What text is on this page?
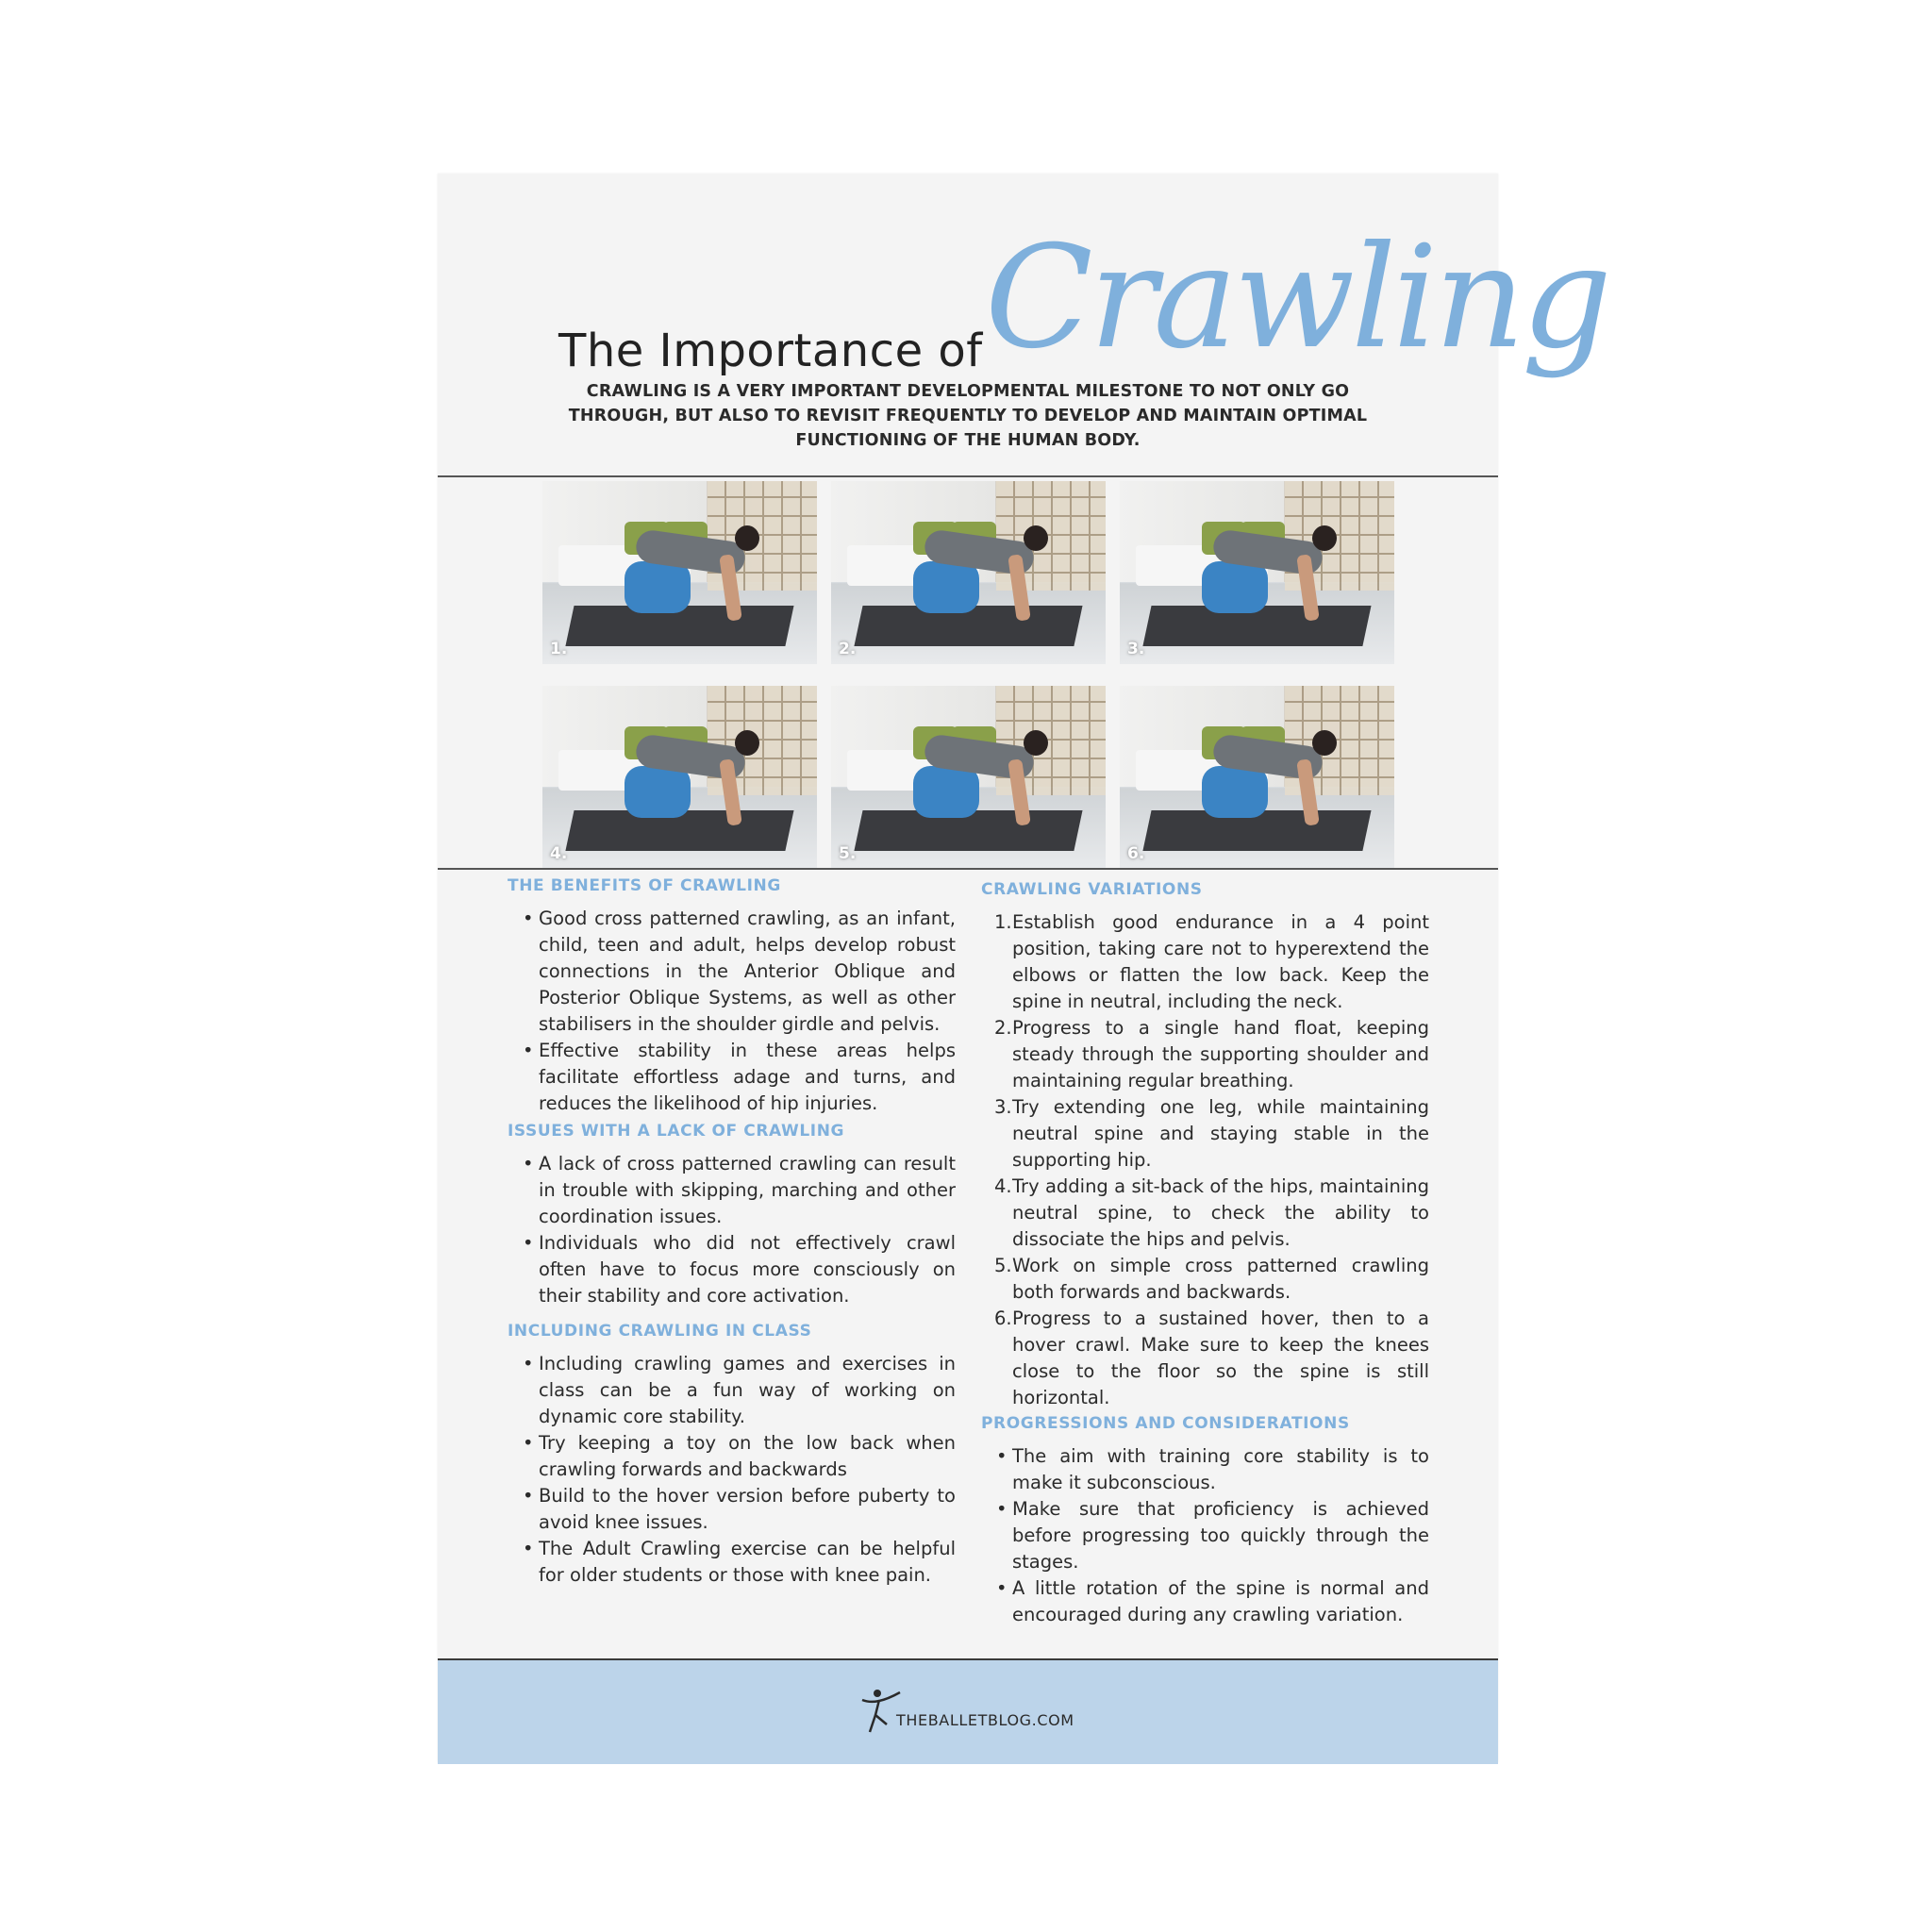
The Importance of Crawling
CRAWLING IS A VERY IMPORTANT DEVELOPMENTAL MILESTONE TO NOT ONLY GO THROUGH, BUT ALSO TO REVISIT FREQUENTLY TO DEVELOP AND MAINTAIN OPTIMAL FUNCTIONING OF THE HUMAN BODY.
1.	2.	3.
4.	5.	6.
THE BENEFITS OF CRAWLING
• Good cross patterned crawling, as an infant, child, teen and adult, helps develop robust connections in the Anterior Oblique and Posterior Oblique Systems, as well as other stabilisers in the shoulder girdle and pelvis.
• Effective stability in these areas helps facilitate effortless adage and turns, and reduces the likelihood of hip injuries.
ISSUES WITH A LACK OF CRAWLING
• A lack of cross patterned crawling can result in trouble with skipping, marching and other coordination issues.
• Individuals who did not effectively crawl often have to focus more consciously on their stability and core activation.
INCLUDING CRAWLING IN CLASS
• Including crawling games and exercises in class can be a fun way of working on dynamic core stability.
• Try keeping a toy on the low back when crawling forwards and backwards
• Build to the hover version before puberty to avoid knee issues.
• The Adult Crawling exercise can be helpful for older students or those with knee pain.
CRAWLING VARIATIONS
1. Establish good endurance in a 4 point position, taking care not to hyperextend the elbows or flatten the low back. Keep the spine in neutral, including the neck.
2. Progress to a single hand float, keeping steady through the supporting shoulder and maintaining regular breathing.
3. Try extending one leg, while maintaining neutral spine and staying stable in the supporting hip.
4. Try adding a sit-back of the hips, maintaining neutral spine, to check the ability to dissociate the hips and pelvis.
5. Work on simple cross patterned crawling both forwards and backwards.
6. Progress to a sustained hover, then to a hover crawl. Make sure to keep the knees close to the floor so the spine is still horizontal.
PROGRESSIONS AND CONSIDERATIONS
• The aim with training core stability is to make it subconscious.
• Make sure that proficiency is achieved before progressing too quickly through the stages.
• A little rotation of the spine is normal and encouraged during any crawling variation.
THEBALLETBLOG.COM
